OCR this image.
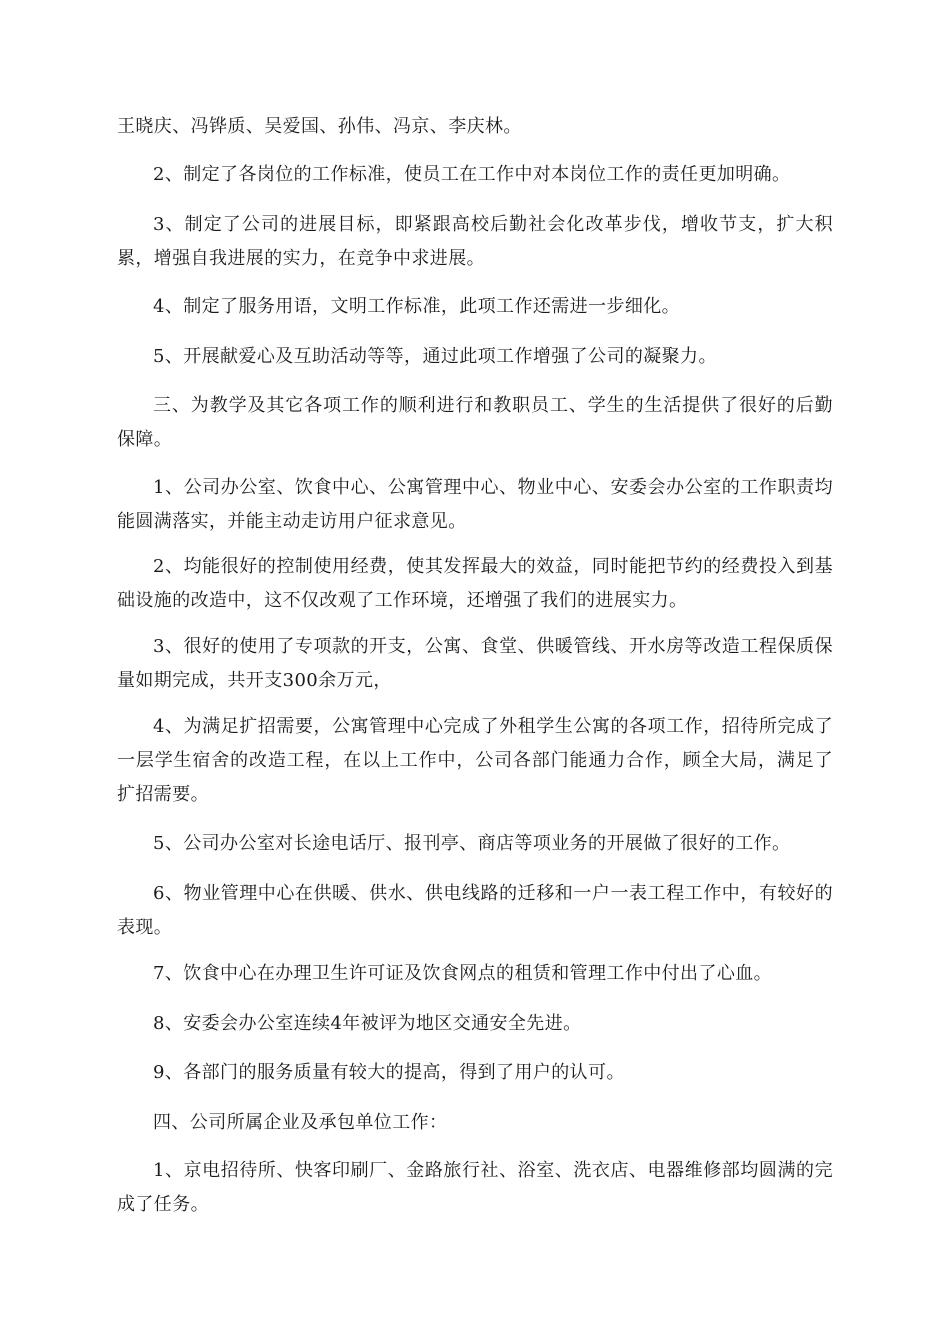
王晓庆、冯铧质、吴爱国、孙伟、冯京、李庆林。

2、制定了各岗位的工作标准，使员工在工作中对本岗位工作的责任更加明确。

3、制定了公司的进展目标，即紧跟高校后勤社会化改革步伐，增收节支，扩大积累，增强自我进展的实力，在竞争中求进展。

4、制定了服务用语，文明工作标准，此项工作还需进一步细化。

5、开展献爱心及互助活动等等，通过此项工作增强了公司的凝聚力。

三、为教学及其它各项工作的顺利进行和教职员工、学生的生活提供了很好的后勤保障。

1、公司办公室、饮食中心、公寓管理中心、物业中心、安委会办公室的工作职责均能圆满落实，并能主动走访用户征求意见。

2、均能很好的控制使用经费，使其发挥最大的效益，同时能把节约的经费投入到基础设施的改造中，这不仅改观了工作环境，还增强了我们的进展实力。

3、很好的使用了专项款的开支，公寓、食堂、供暖管线、开水房等改造工程保质保量如期完成，共开支300余万元，

4、为满足扩招需要，公寓管理中心完成了外租学生公寓的各项工作，招待所完成了一层学生宿舍的改造工程，在以上工作中，公司各部门能通力合作，顾全大局，满足了扩招需要。

5、公司办公室对长途电话厅、报刊亭、商店等项业务的开展做了很好的工作。

6、物业管理中心在供暖、供水、供电线路的迁移和一户一表工程工作中，有较好的表现。

7、饮食中心在办理卫生许可证及饮食网点的租赁和管理工作中付出了心血。

8、安委会办公室连续4年被评为地区交通安全先进。

9、各部门的服务质量有较大的提高，得到了用户的认可。

四、公司所属企业及承包单位工作：

1、京电招待所、快客印刷厂、金路旅行社、浴室、洗衣店、电器维修部均圆满的完成了任务。
